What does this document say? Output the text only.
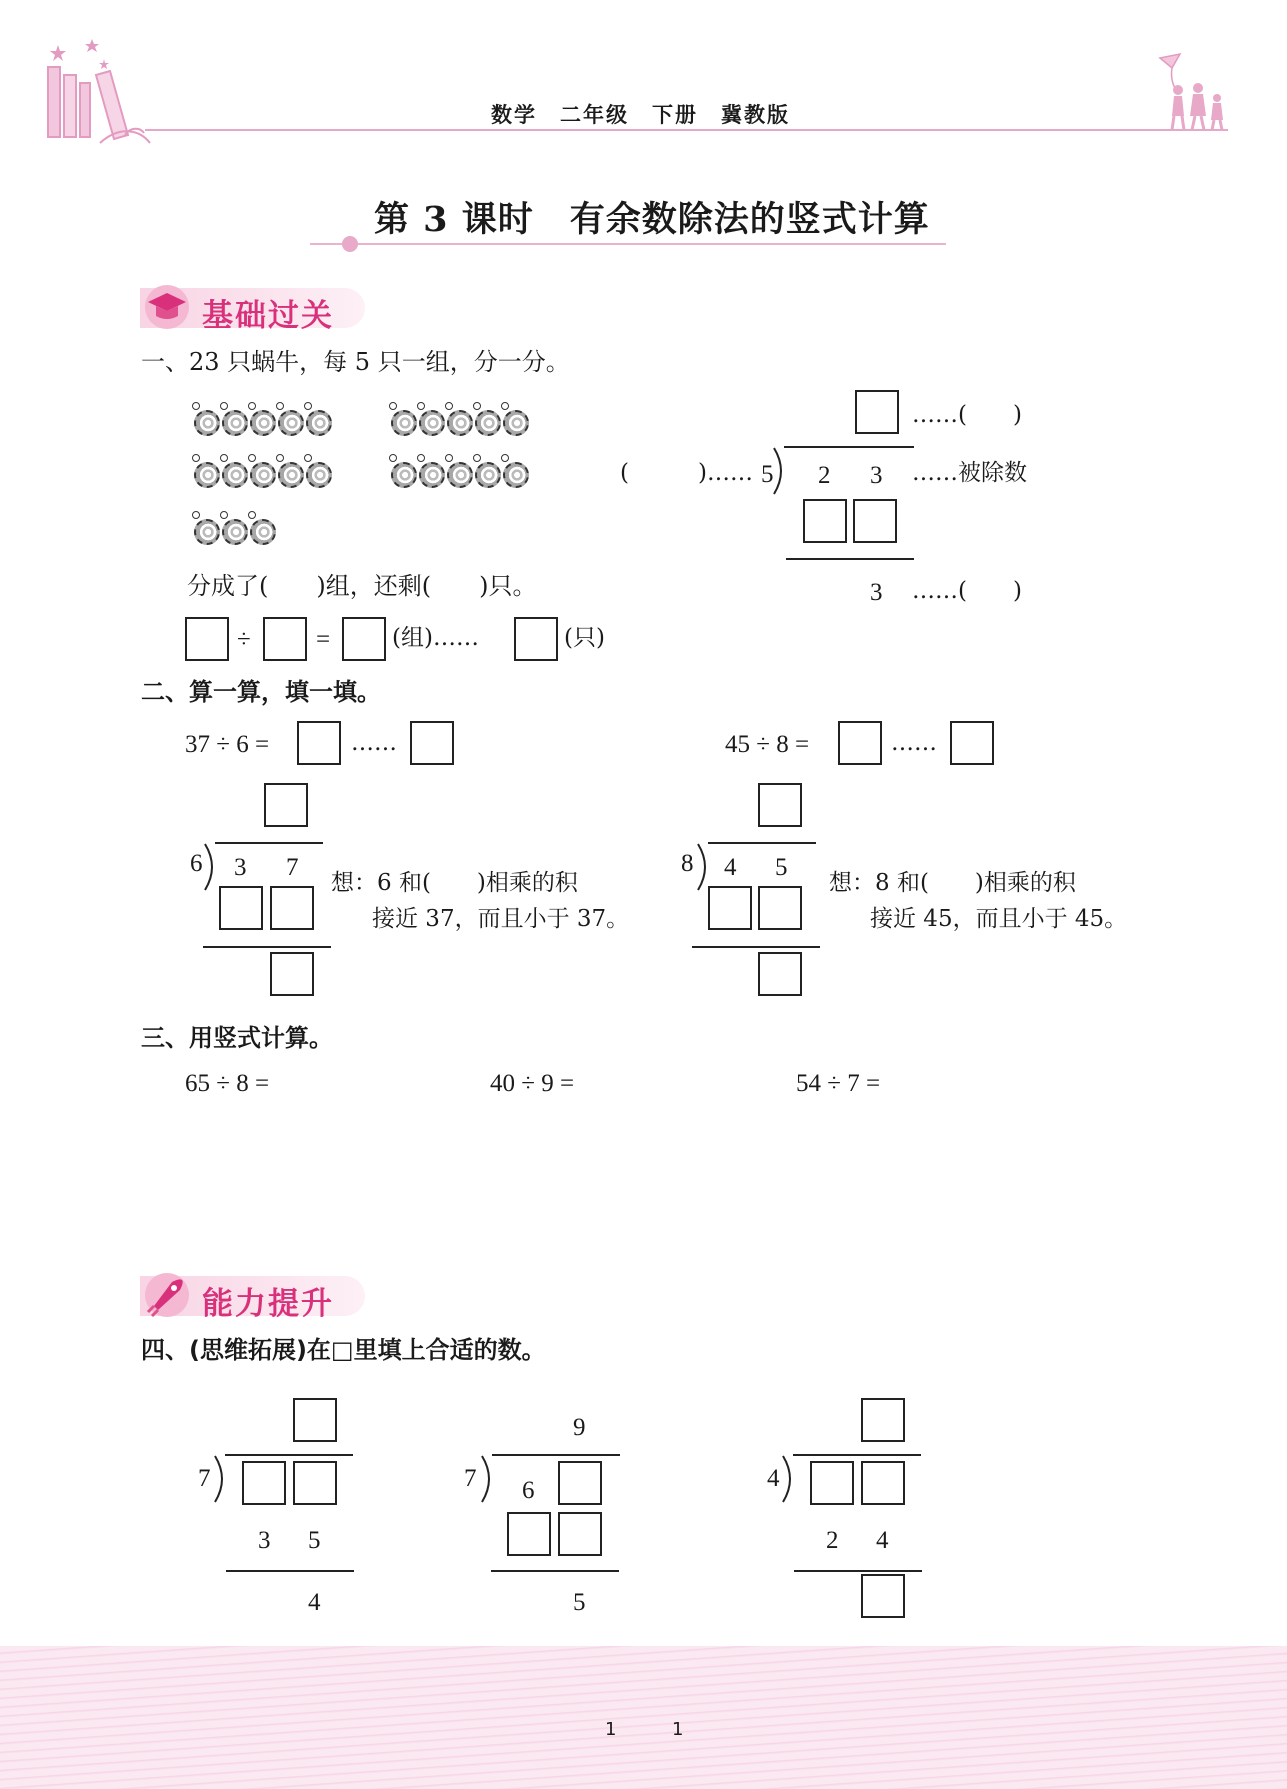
数学　二年级　下册　冀教版
第 3 课时　有余数除法的竖式计算
基础过关
一、23 只蜗牛，每 5 只一组，分一分。
分成了(　　)组，还剩(　　)只。
÷	=	(组)……	(只)
……(　　)
(　　　)…… 5 2 3 ……被除数
3 ……(　　)
二、算一算，填一填。
37 ÷ 6 =	……
6 3 7
想：6 和(　　)相乘的积
接近 37，而且小于 37。
45 ÷ 8 =	……
8 4 5
想：8 和(　　)相乘的积
接近 45，而且小于 45。
三、用竖式计算。
65 ÷ 8 =	40 ÷ 9 =	54 ÷ 7 =
能力提升
四、(思维拓展)在□里填上合适的数。
7
3 5
4
9
7 6
5
4
2 4
1	1
